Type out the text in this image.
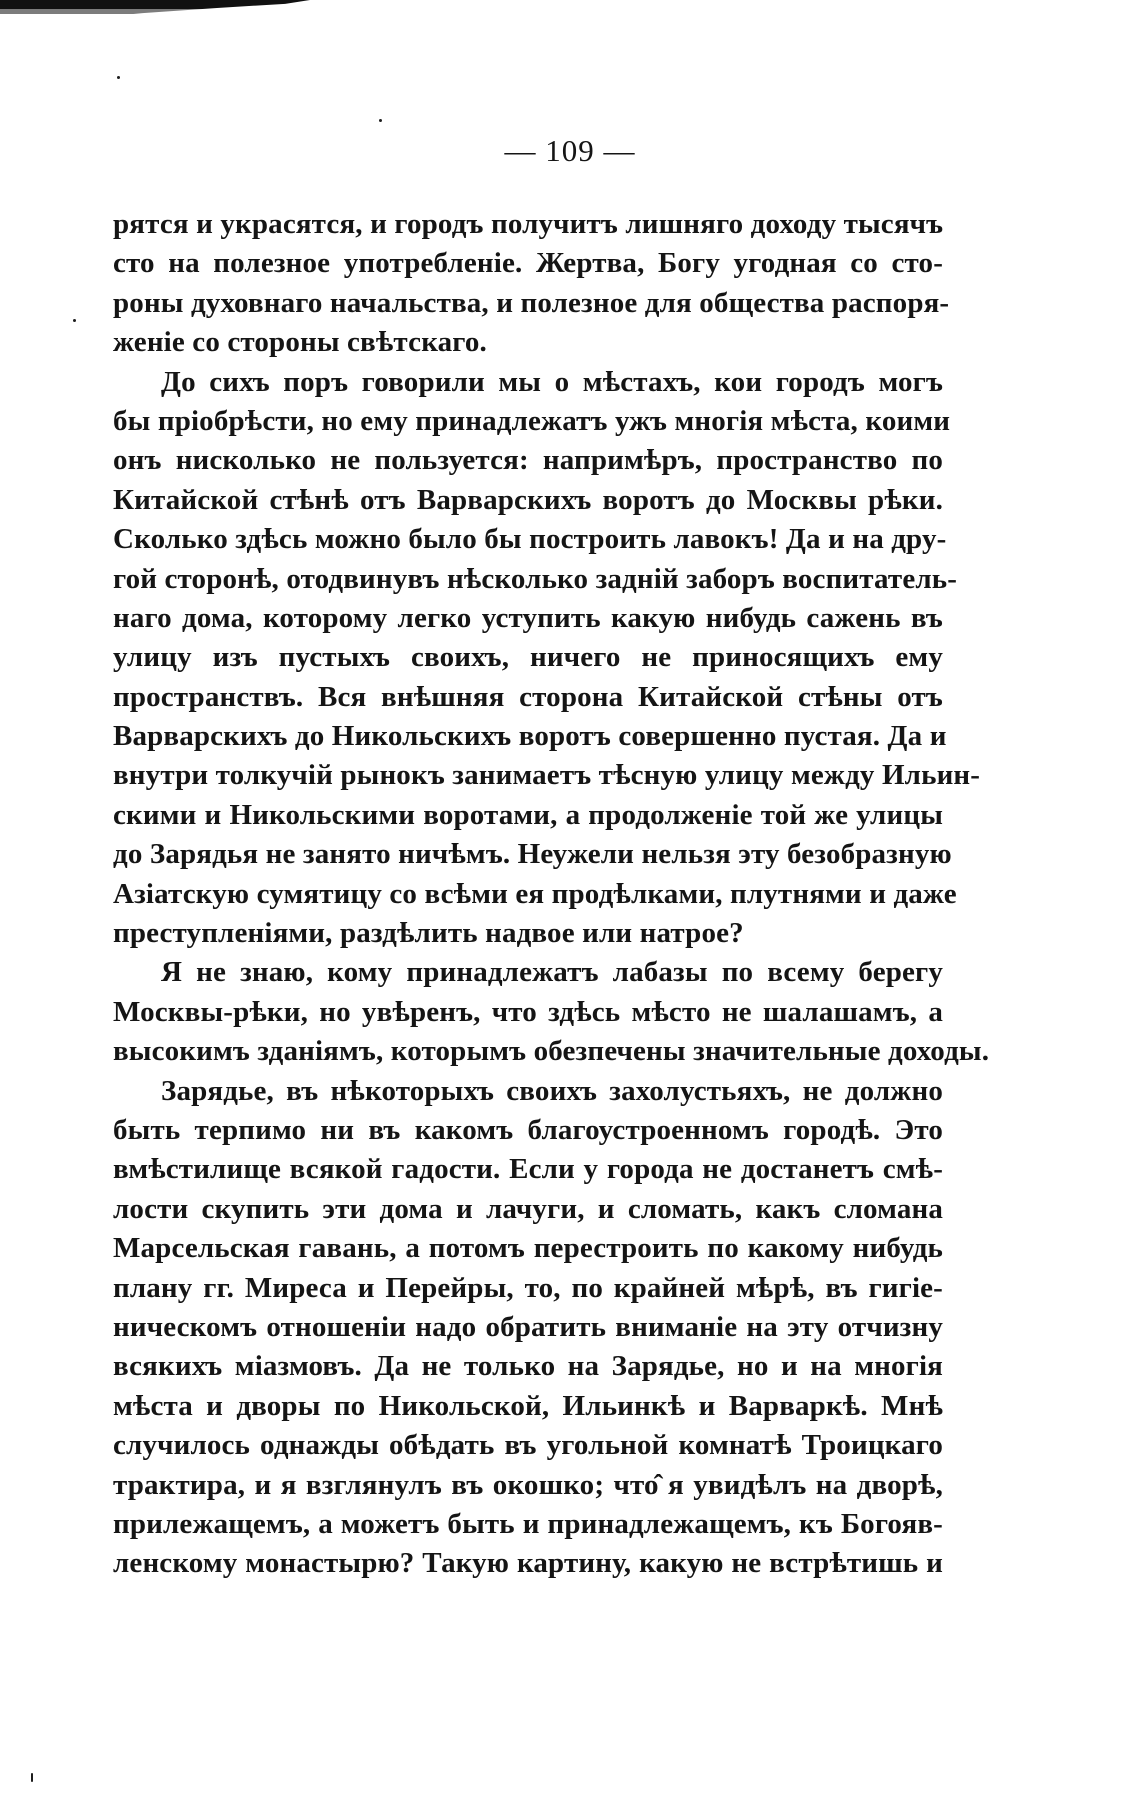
— 109 —
рятся и украсятся, и городъ получитъ лишняго доходу тысячъ
сто на полезное употребленіе. Жертва, Богу угодная со сто-
роны духовнаго начальства, и полезное для общества распоря-
женіе со стороны свѣтскаго.
До сихъ поръ говорили мы о мѣстахъ, кои городъ могъ
бы пріобрѣсти, но ему принадлежатъ ужъ многія мѣста, коими
онъ нисколько не пользуется: напримѣръ, пространство по
Китайской стѣнѣ отъ Варварскихъ воротъ до Москвы рѣки.
Сколько здѣсь можно было бы построить лавокъ! Да и на дру-
гой сторонѣ, отодвинувъ нѣсколько заднiй заборъ воспитатель-
наго дома, которому легко уступить какую нибудь сажень въ
улицу изъ пустыхъ своихъ, ничего не приносящихъ ему
пространствъ. Вся внѣшняя сторона Китайской стѣны отъ
Варварскихъ до Никольскихъ воротъ совершенно пустая. Да и
внутри толкучій рынокъ занимаетъ тѣсную улицу между Ильин-
скими и Никольскими воротами, а продолженіе той же улицы
до Зарядья не занято ничѣмъ. Неужели нельзя эту безобразную
Азіатскую сумятицу со всѣми ея продѣлками, плутнями и даже
преступленіями, раздѣлить надвое или натрое?
Я не знаю, кому принадлежатъ лабазы по всему берегу
Москвы-рѣки, но увѣренъ, что здѣсь мѣсто не шалашамъ, а
высокимъ зданіямъ, которымъ обезпечены значительные доходы.
Зарядье, въ нѣкоторыхъ своихъ захолустьяхъ, не должно
быть терпимо ни въ какомъ благоустроенномъ городѣ. Это
вмѣстилище всякой гадости. Если у города не достанетъ смѣ-
лости скупить эти дома и лачуги, и сломать, какъ сломана
Марсельская гавань, а потомъ перестроить по какому нибудь
плану гг. Миреса и Перейры, то, по крайней мѣрѣ, въ гигіе-
ническомъ отношеніи надо обратить вниманіе на эту отчизну
всякихъ міазмовъ. Да не только на Зарядье, но и на многія
мѣста и дворы по Никольской, Ильинкѣ и Варваркѣ. Мнѣ
случилось однажды обѣдать въ угольной комнатѣ Троицкаго
трактира, и я взглянулъ въ окошко; что̂ я увидѣлъ на дворѣ,
прилежащемъ, а можетъ быть и принадлежащемъ, къ Богояв-
ленскому монастырю? Такую картину, какую не встрѣтишь и
